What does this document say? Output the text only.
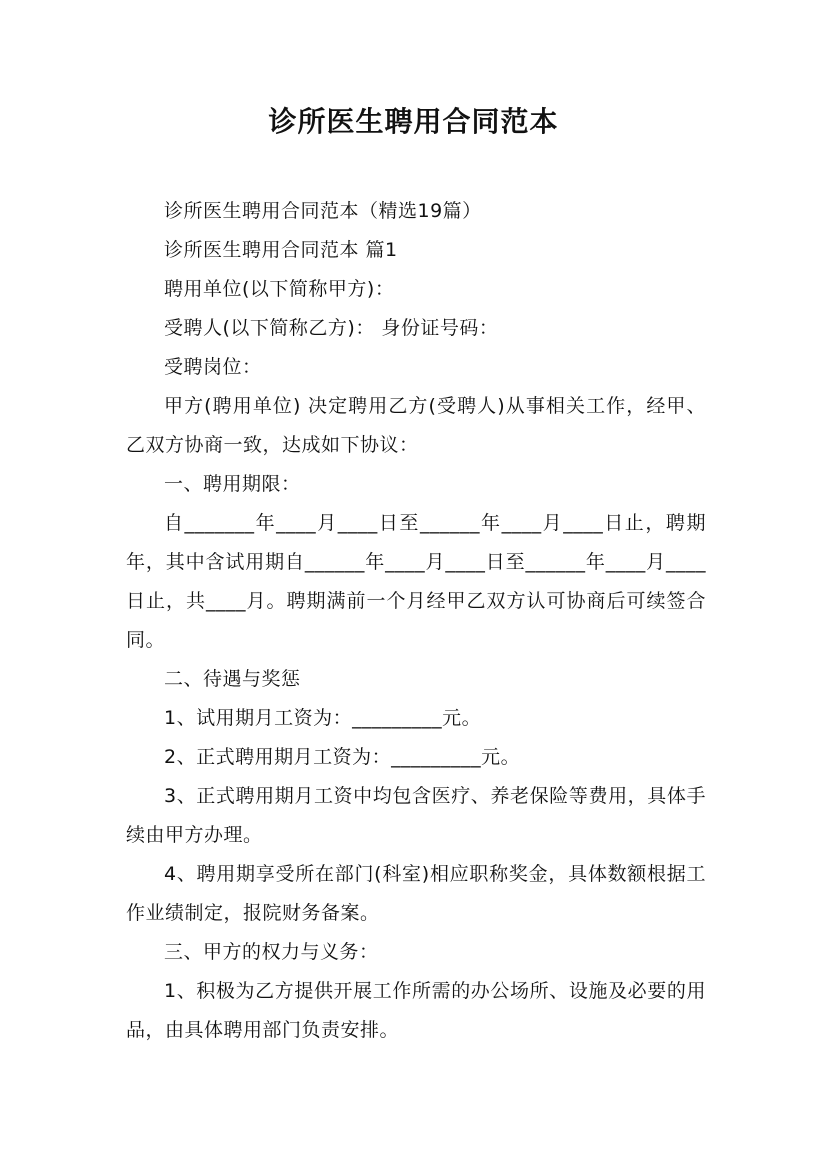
诊所医生聘用合同范本

诊所医生聘用合同范本（精选19篇）

诊所医生聘用合同范本 篇1

聘用单位(以下简称甲方)：

受聘人(以下简称乙方)： 身份证号码：

受聘岗位：

甲方(聘用单位) 决定聘用乙方(受聘人)从事相关工作，经甲、乙双方协商一致，达成如下协议：

一、聘用期限：

自_______年____月____日至______年____月____日止，聘期 年，其中含试用期自______年____月____日至______年____月____日止，共____月。聘期满前一个月经甲乙双方认可协商后可续签合同。

二、待遇与奖惩

1、试用期月工资为：_________元。

2、正式聘用期月工资为：_________元。

3、正式聘用期月工资中均包含医疗、养老保险等费用，具体手续由甲方办理。

4、聘用期享受所在部门(科室)相应职称奖金，具体数额根据工作业绩制定，报院财务备案。

三、甲方的权力与义务：

1、积极为乙方提供开展工作所需的办公场所、设施及必要的用品，由具体聘用部门负责安排。
